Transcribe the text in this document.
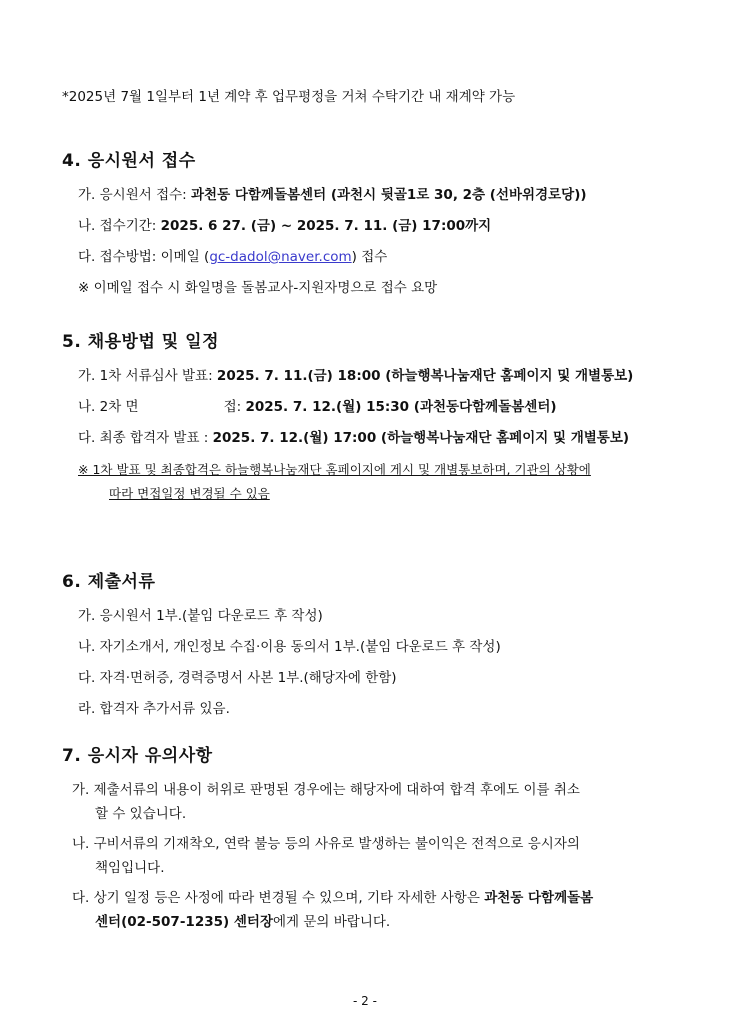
*2025년 7월 1일부터 1년 계약 후 업무평정을 거쳐 수탁기간 내 재계약 가능
4. 응시원서 접수
가. 응시원서 접수: 과천동 다함께돌봄센터 (과천시 뒷골1로 30, 2층 (선바위경로당))
나. 접수기간: 2025. 6 27. (금) ~ 2025. 7. 11. (금) 17:00까지
다. 접수방법: 이메일 (gc-dadol@naver.com) 접수
※ 이메일 접수 시 화일명을 돌봄교사-지원자명으로 접수 요망
5. 채용방법 및 일정
가. 1차 서류심사 발표: 2025. 7. 11.(금) 18:00 (하늘행복나눔재단 홈페이지 및 개별통보)
나. 2차 면	접: 2025. 7. 12.(월) 15:30 (과천동다함께돌봄센터)
다. 최종 합격자 발표 : 2025. 7. 12.(월) 17:00 (하늘행복나눔재단 홈페이지 및 개별통보)
※ 1차 발표 및 최종합격은 하늘행복나눔재단 홈페이지에 게시 및 개별통보하며, 기관의 상황에
따라 면접일정 변경될 수 있음
6. 제출서류
가. 응시원서 1부.(붙임 다운로드 후 작성)
나. 자기소개서, 개인정보 수집·이용 동의서 1부.(붙임 다운로드 후 작성)
다. 자격·면허증, 경력증명서 사본 1부.(해당자에 한함)
라. 합격자 추가서류 있음.
7. 응시자 유의사항
가. 제출서류의 내용이 허위로 판명된 경우에는 해당자에 대하여 합격 후에도 이를 취소
할 수 있습니다.
나. 구비서류의 기재착오, 연락 불능 등의 사유로 발생하는 불이익은 전적으로 응시자의
책임입니다.
다. 상기 일정 등은 사정에 따라 변경될 수 있으며, 기타 자세한 사항은 과천동 다함께돌봄
센터(02-507-1235) 센터장에게 문의 바랍니다.
- 2 -
